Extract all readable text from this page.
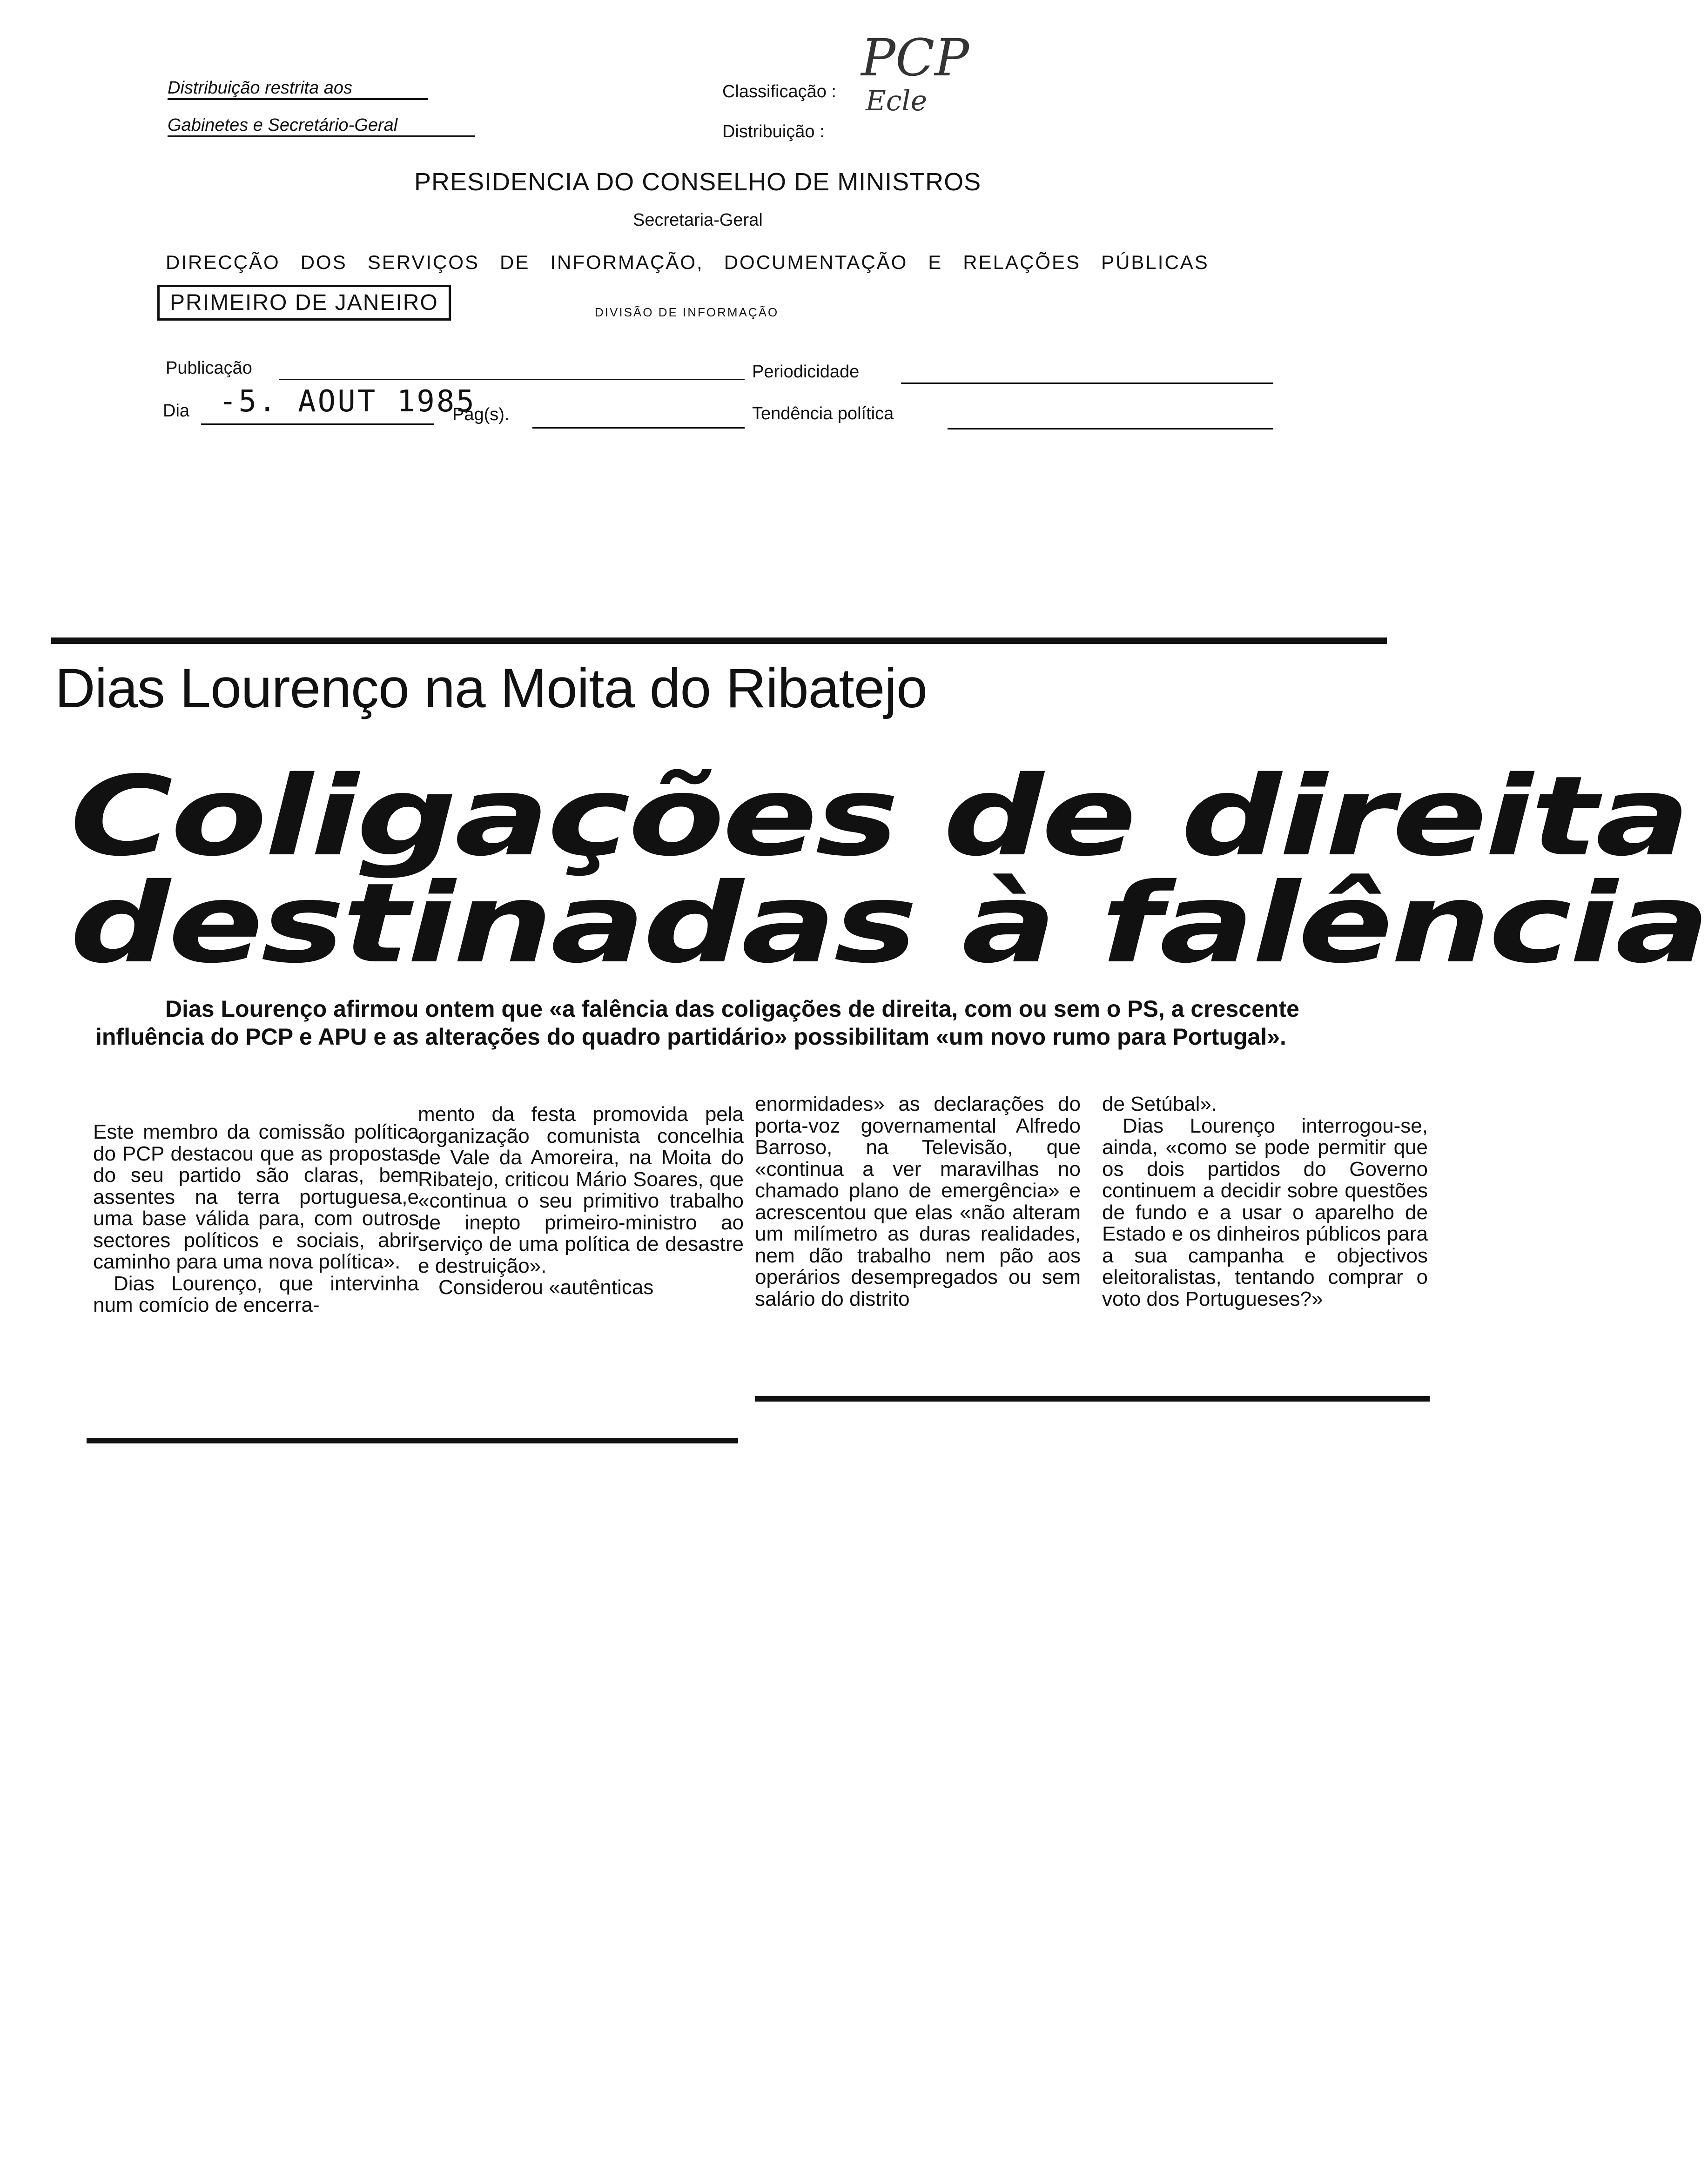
Distribuição restrita aos
Gabinetes e Secretário-Geral
Classificação :
Distribuição :
PCP
Ecle
PRESIDENCIA DO CONSELHO DE MINISTROS
Secretaria-Geral
DIRECÇÃO   DOS   SERVIÇOS   DE   INFORMAÇÃO,   DOCUMENTAÇÃO   E   RELAÇÕES   PÚBLICAS
PRIMEIRO DE JANEIRO	DIVISÃO DE INFORMAÇÃO
Publicação	Periodicidade
Dia -5. AOUT 1985
Pág(s).	Tendência política
Dias Lourenço na Moita do Ribatejo
Coligações de direita
destinadas à falência
Dias Lourenço afirmou ontem que «a falência das coligações de direita, com ou sem o PS, a crescente influência do PCP e APU e as alterações do quadro partidário» possibilitam «um novo rumo para Portugal».

Este membro da comissão política do PCP destacou que as propostas do seu partido são claras, bem assentes na terra portuguesa,e uma base válida para, com outros sectores políticos e sociais, abrir caminho para uma nova política».

Dias Lourenço, que intervinha num comício de encerra-

mento da festa promovida pela organização comunista concelhia de Vale da Amoreira, na Moita do Ribatejo, criticou Mário Soares, que «continua o seu primitivo trabalho de inepto primeiro-ministro ao serviço de uma política de desastre e destruição».

Considerou «autênticas

enormidades» as declarações do porta-voz governamental Alfredo Barroso, na Televisão, que «continua a ver maravilhas no chamado plano de emergência» e acrescentou que elas «não alteram um milímetro as duras realidades, nem dão trabalho nem pão aos operários desempregados ou sem salário do distrito

de Setúbal».

Dias Lourenço interrogou-se, ainda, «como se pode permitir que os dois partidos do Governo continuem a decidir sobre questões de fundo e a usar o aparelho de Estado e os dinheiros públicos para a sua campanha e objectivos eleitoralistas, tentando comprar o voto dos Portugueses?»
